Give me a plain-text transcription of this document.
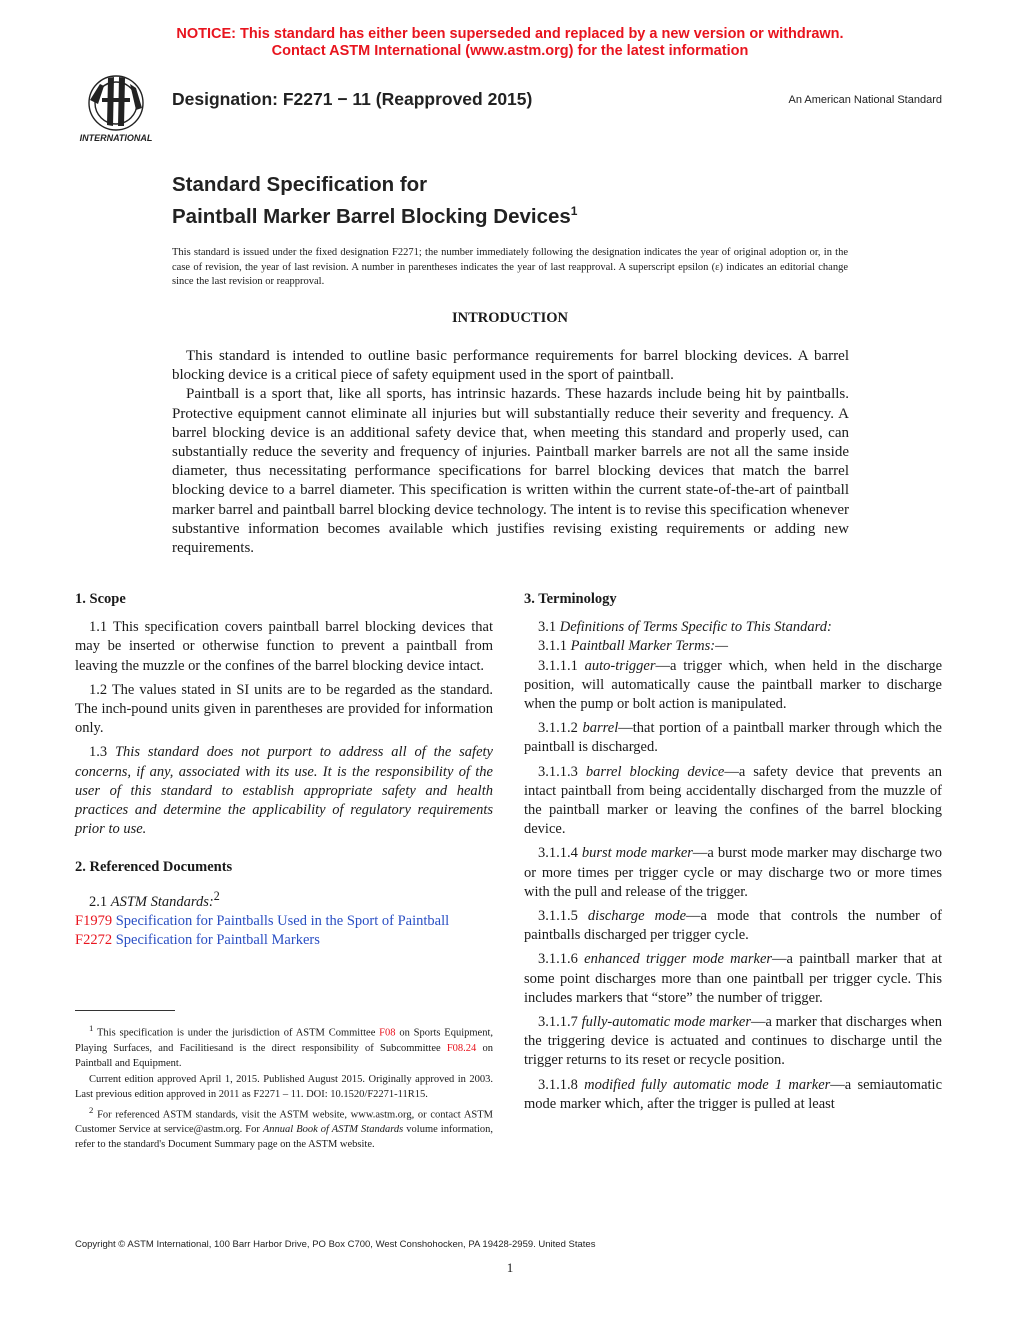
NOTICE: This standard has either been superseded and replaced by a new version or withdrawn.
Contact ASTM International (www.astm.org) for the latest information
INTERNATIONAL
Designation: F2271 − 11 (Reapproved 2015)	An American National Standard
Standard Specification for
Paintball Marker Barrel Blocking Devices$^1$
This standard is issued under the fixed designation F2271; the number immediately following the designation indicates the year of original adoption or, in the case of revision, the year of last revision. A number in parentheses indicates the year of last reapproval. A superscript epsilon (ε) indicates an editorial change since the last revision or reapproval.
INTRODUCTION

This standard is intended to outline basic performance requirements for barrel blocking devices. A barrel blocking device is a critical piece of safety equipment used in the sport of paintball.

Paintball is a sport that, like all sports, has intrinsic hazards. These hazards include being hit by paintballs. Protective equipment cannot eliminate all injuries but will substantially reduce their severity and frequency. A barrel blocking device is an additional safety device that, when meeting this standard and properly used, can substantially reduce the severity and frequency of injuries. Paintball marker barrels are not all the same inside diameter, thus necessitating performance specifications for barrel blocking devices that match the barrel blocking device to a barrel diameter. This specification is written within the current state-of-the-art of paintball marker barrel and paintball barrel blocking device technology. The intent is to revise this specification whenever substantive information becomes available which justifies revising existing requirements or adding new requirements.

1. Scope

1.1 This specification covers paintball barrel blocking devices that may be inserted or otherwise function to prevent a paintball from leaving the muzzle or the confines of the barrel blocking device intact.

1.2 The values stated in SI units are to be regarded as the standard. The inch-pound units given in parentheses are provided for information only.

1.3 This standard does not purport to address all of the safety concerns, if any, associated with its use. It is the responsibility of the user of this standard to establish appropriate safety and health practices and determine the applicability of regulatory requirements prior to use.

2. Referenced Documents

2.1 ASTM Standards:$^2$

F1979 Specification for Paintballs Used in the Sport of Paintball

F2272 Specification for Paintball Markers

$^1$ This specification is under the jurisdiction of ASTM Committee F08 on Sports Equipment, Playing Surfaces, and Facilitiesand is the direct responsibility of Subcommittee F08.24 on Paintball and Equipment.

Current edition approved April 1, 2015. Published August 2015. Originally approved in 2003. Last previous edition approved in 2011 as F2271 – 11. DOI: 10.1520/F2271-11R15.

$^2$ For referenced ASTM standards, visit the ASTM website, www.astm.org, or contact ASTM Customer Service at service@astm.org. For Annual Book of ASTM Standards volume information, refer to the standard's Document Summary page on the ASTM website.

3. Terminology

3.1 Definitions of Terms Specific to This Standard:

3.1.1 Paintball Marker Terms:—

3.1.1.1 auto-trigger—a trigger which, when held in the discharge position, will automatically cause the paintball marker to discharge when the pump or bolt action is manipulated.

3.1.1.2 barrel—that portion of a paintball marker through which the paintball is discharged.

3.1.1.3 barrel blocking device—a safety device that prevents an intact paintball from being accidentally discharged from the muzzle of the paintball marker or leaving the confines of the barrel blocking device.

3.1.1.4 burst mode marker—a burst mode marker may discharge two or more times per trigger cycle or may discharge two or more times with the pull and release of the trigger.

3.1.1.5 discharge mode—a mode that controls the number of paintballs discharged per trigger cycle.

3.1.1.6 enhanced trigger mode marker—a paintball marker that at some point discharges more than one paintball per trigger cycle. This includes markers that “store” the number of trigger.

3.1.1.7 fully-automatic mode marker—a marker that discharges when the triggering device is actuated and continues to discharge until the trigger returns to its reset or recycle position.

3.1.1.8 modified fully automatic mode 1 marker—a semiautomatic mode marker which, after the trigger is pulled at least

Copyright © ASTM International, 100 Barr Harbor Drive, PO Box C700, West Conshohocken, PA 19428-2959. United States
1
